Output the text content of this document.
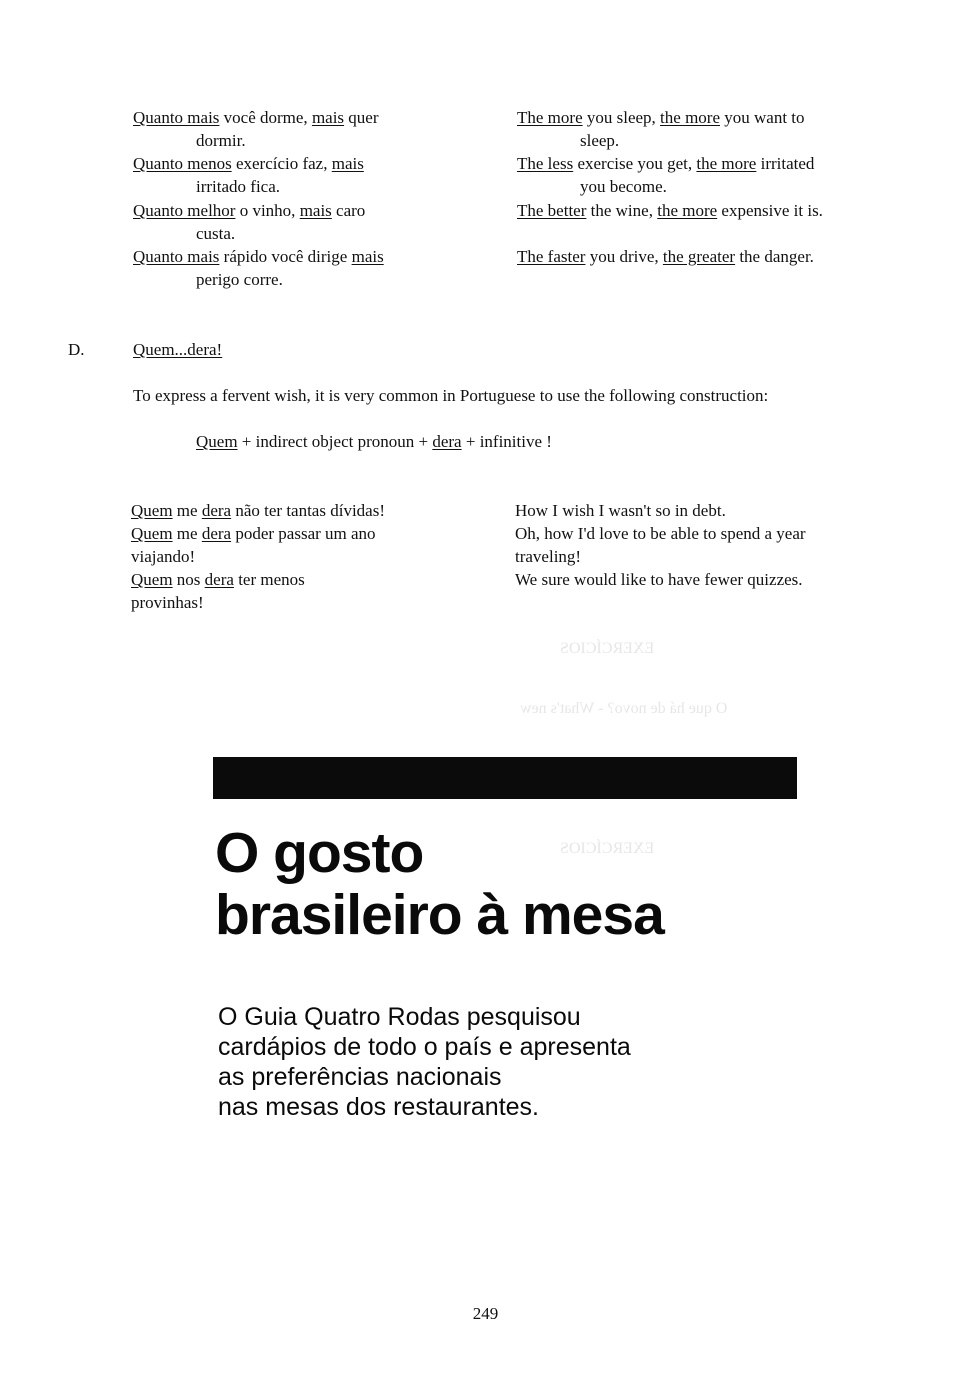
EXERCÍCIOS
O que há de novo? - What's new
EXERCÍCIOS
Quanto mais você dorme, mais quer
dormir.
The more you sleep, the more you want to
sleep.
Quanto menos exercício faz, mais
irritado fica.
The less exercise you get, the more irritated
you become.
Quanto melhor o vinho, mais caro
custa.
The better the wine, the more expensive it is.
Quanto mais rápido você dirige mais
perigo corre.
The faster you drive, the greater the danger.
D.	Quem...dera!
To express a fervent wish, it is very common in Portuguese to use the following construction:
Quem + indirect object pronoun + dera + infinitive !
Quem me dera não ter tantas dívidas!
Quem me dera poder passar um ano
viajando!
Quem nos dera ter menos
provinhas!
How I wish I wasn't so in debt.
Oh, how I'd love to be able to spend a year
traveling!
We sure would like to have fewer quizzes.
O gosto
brasileiro à mesa
O Guia Quatro Rodas pesquisou
cardápios de todo o país e apresenta
as preferências nacionais
nas mesas dos restaurantes.
249
